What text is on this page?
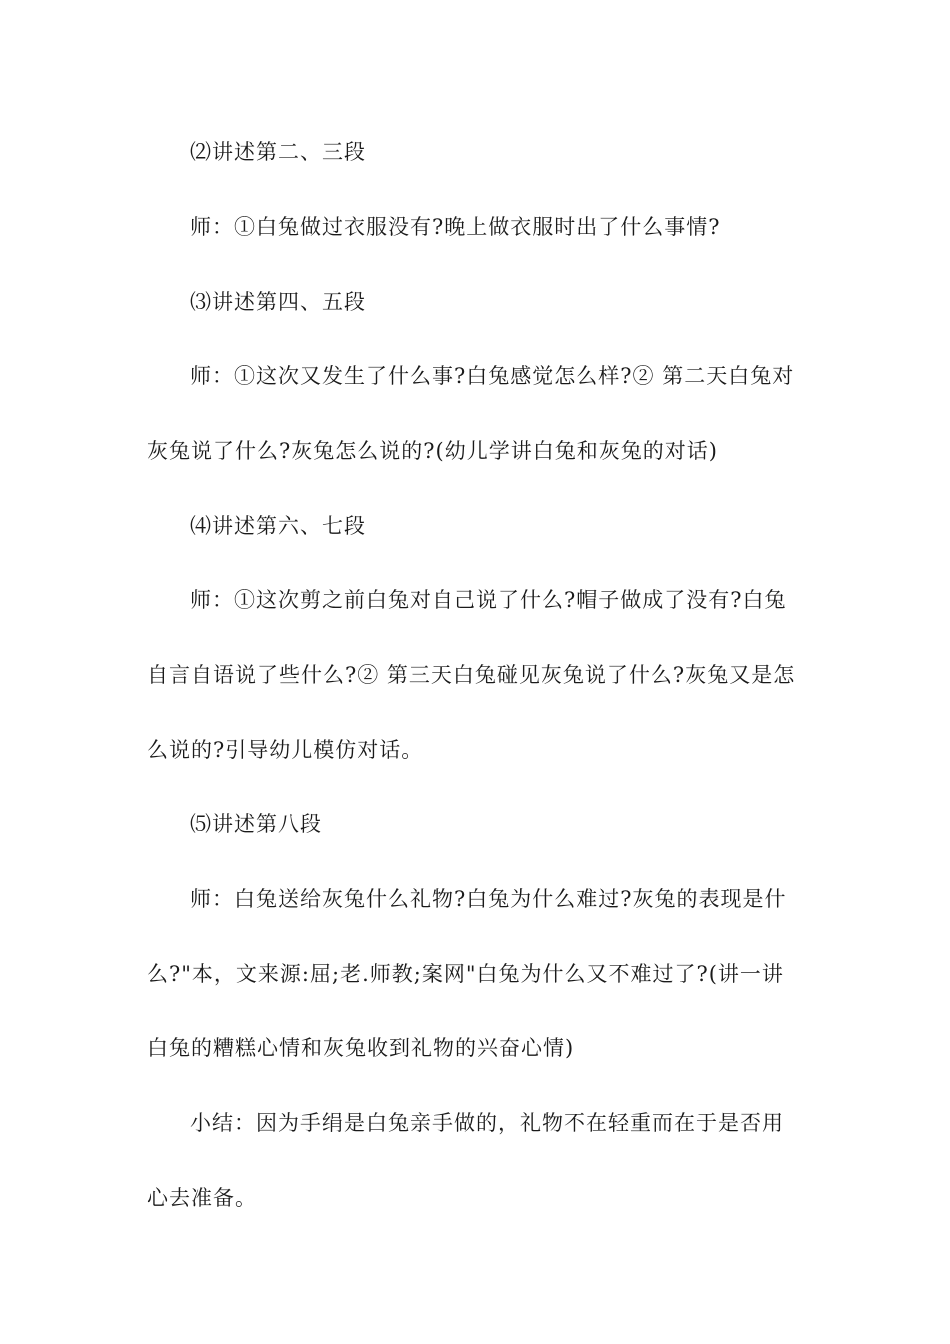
⑵讲述第二、三段
师：①白兔做过衣服没有?晚上做衣服时出了什么事情?
⑶讲述第四、五段
师：①这次又发生了什么事?白兔感觉怎么样?② 第二天白兔对
灰兔说了什么?灰兔怎么说的?(幼儿学讲白兔和灰兔的对话)
⑷讲述第六、七段
师：①这次剪之前白兔对自己说了什么?帽子做成了没有?白兔
自言自语说了些什么?② 第三天白兔碰见灰兔说了什么?灰兔又是怎
么说的?引导幼儿模仿对话。
⑸讲述第八段
师：白兔送给灰兔什么礼物?白兔为什么难过?灰兔的表现是什
么?"本，文来源:屈;老.师教;案网"白兔为什么又不难过了?(讲一讲
白兔的糟糕心情和灰兔收到礼物的兴奋心情)
小结：因为手绢是白兔亲手做的，礼物不在轻重而在于是否用
心去准备。
